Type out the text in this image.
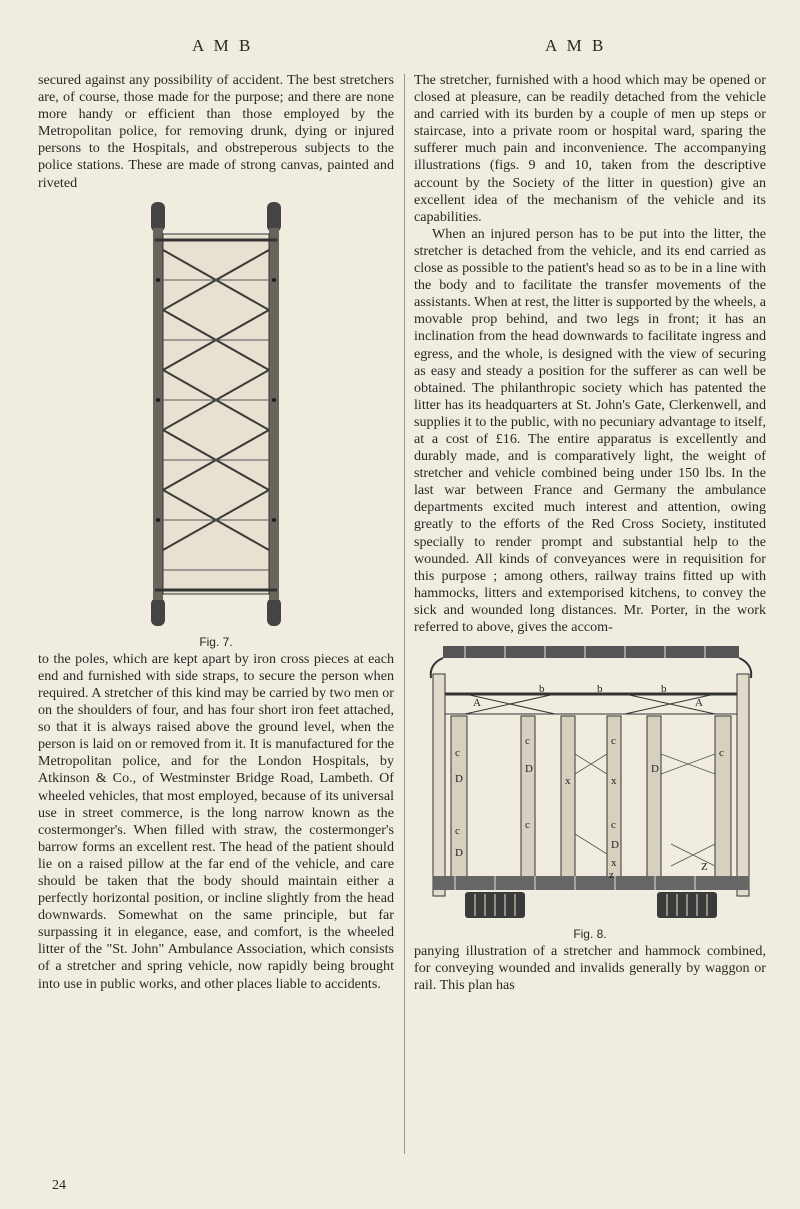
A M B	A M B

secured against any possibility of accident. The best stretchers are, of course, those made for the purpose; and there are none more handy or efficient than those employed by the Metropolitan police, for removing drunk, dying or injured persons to the Hospitals, and obstreperous subjects to the police stations. These are made of strong canvas, painted and riveted

Fig. 7.

to the poles, which are kept apart by iron cross pieces at each end and furnished with side straps, to secure the person when required. A stretcher of this kind may be carried by two men or on the shoulders of four, and has four short iron feet attached, so that it is always raised above the ground level, when the person is laid on or removed from it. It is manufactured for the Metropolitan police, and for the London Hospitals, by Atkinson & Co., of Westminster Bridge Road, Lambeth. Of wheeled vehicles, that most employed, because of its universal use in street commerce, is the long narrow known as the costermonger's. When filled with straw, the costermonger's barrow forms an excellent rest. The head of the patient should lie on a raised pillow at the far end of the vehicle, and care should be taken that the body should maintain either a perfectly horizontal position, or incline slightly from the head downwards. Somewhat on the same principle, but far surpassing it in elegance, ease, and comfort, is the wheeled litter of the "St. John" Ambulance Association, which consists of a stretcher and spring vehicle, now rapidly being brought into use in public works, and other places liable to accidents.

The stretcher, furnished with a hood which may be opened or closed at pleasure, can be readily detached from the vehicle and carried with its burden by a couple of men up steps or staircase, into a private room or hospital ward, sparing the sufferer much pain and inconvenience. The accompanying illustrations (figs. 9 and 10, taken from the descriptive account by the Society of the litter in question) give an excellent idea of the mechanism of the vehicle and its capabilities.

When an injured person has to be put into the litter, the stretcher is detached from the vehicle, and its end carried as close as possible to the patient's head so as to be in a line with the body and to facilitate the transfer movements of the assistants. When at rest, the litter is supported by the wheels, a movable prop behind, and two legs in front; it has an inclination from the head downwards to facilitate ingress and egress, and the whole, is designed with the view of securing as easy and steady a position for the sufferer as can well be obtained. The philanthropic society which has patented the litter has its headquarters at St. John's Gate, Clerkenwell, and supplies it to the public, with no pecuniary advantage to itself, at a cost of £16. The entire apparatus is excellently and durably made, and is comparatively light, the weight of stretcher and vehicle combined being under 150 lbs. In the last war between France and Germany the ambulance departments excited much interest and attention, owing greatly to the efforts of the Red Cross Society, instituted specially to render prompt and substantial help to the wounded. All kinds of conveyances were in requisition for this purpose ; among others, railway trains fitted up with hammocks, litters and extemporised kitchens, to convey the sick and wounded long distances. Mr. Porter, in the work referred to above, gives the accom-

A	A
b	b	b
c
c	c
c
D
D	D
x	x
c	c	c
D
D
x
z
Z

Fig. 8.

panying illustration of a stretcher and hammock combined, for conveying wounded and invalids generally by waggon or rail. This plan has

24
